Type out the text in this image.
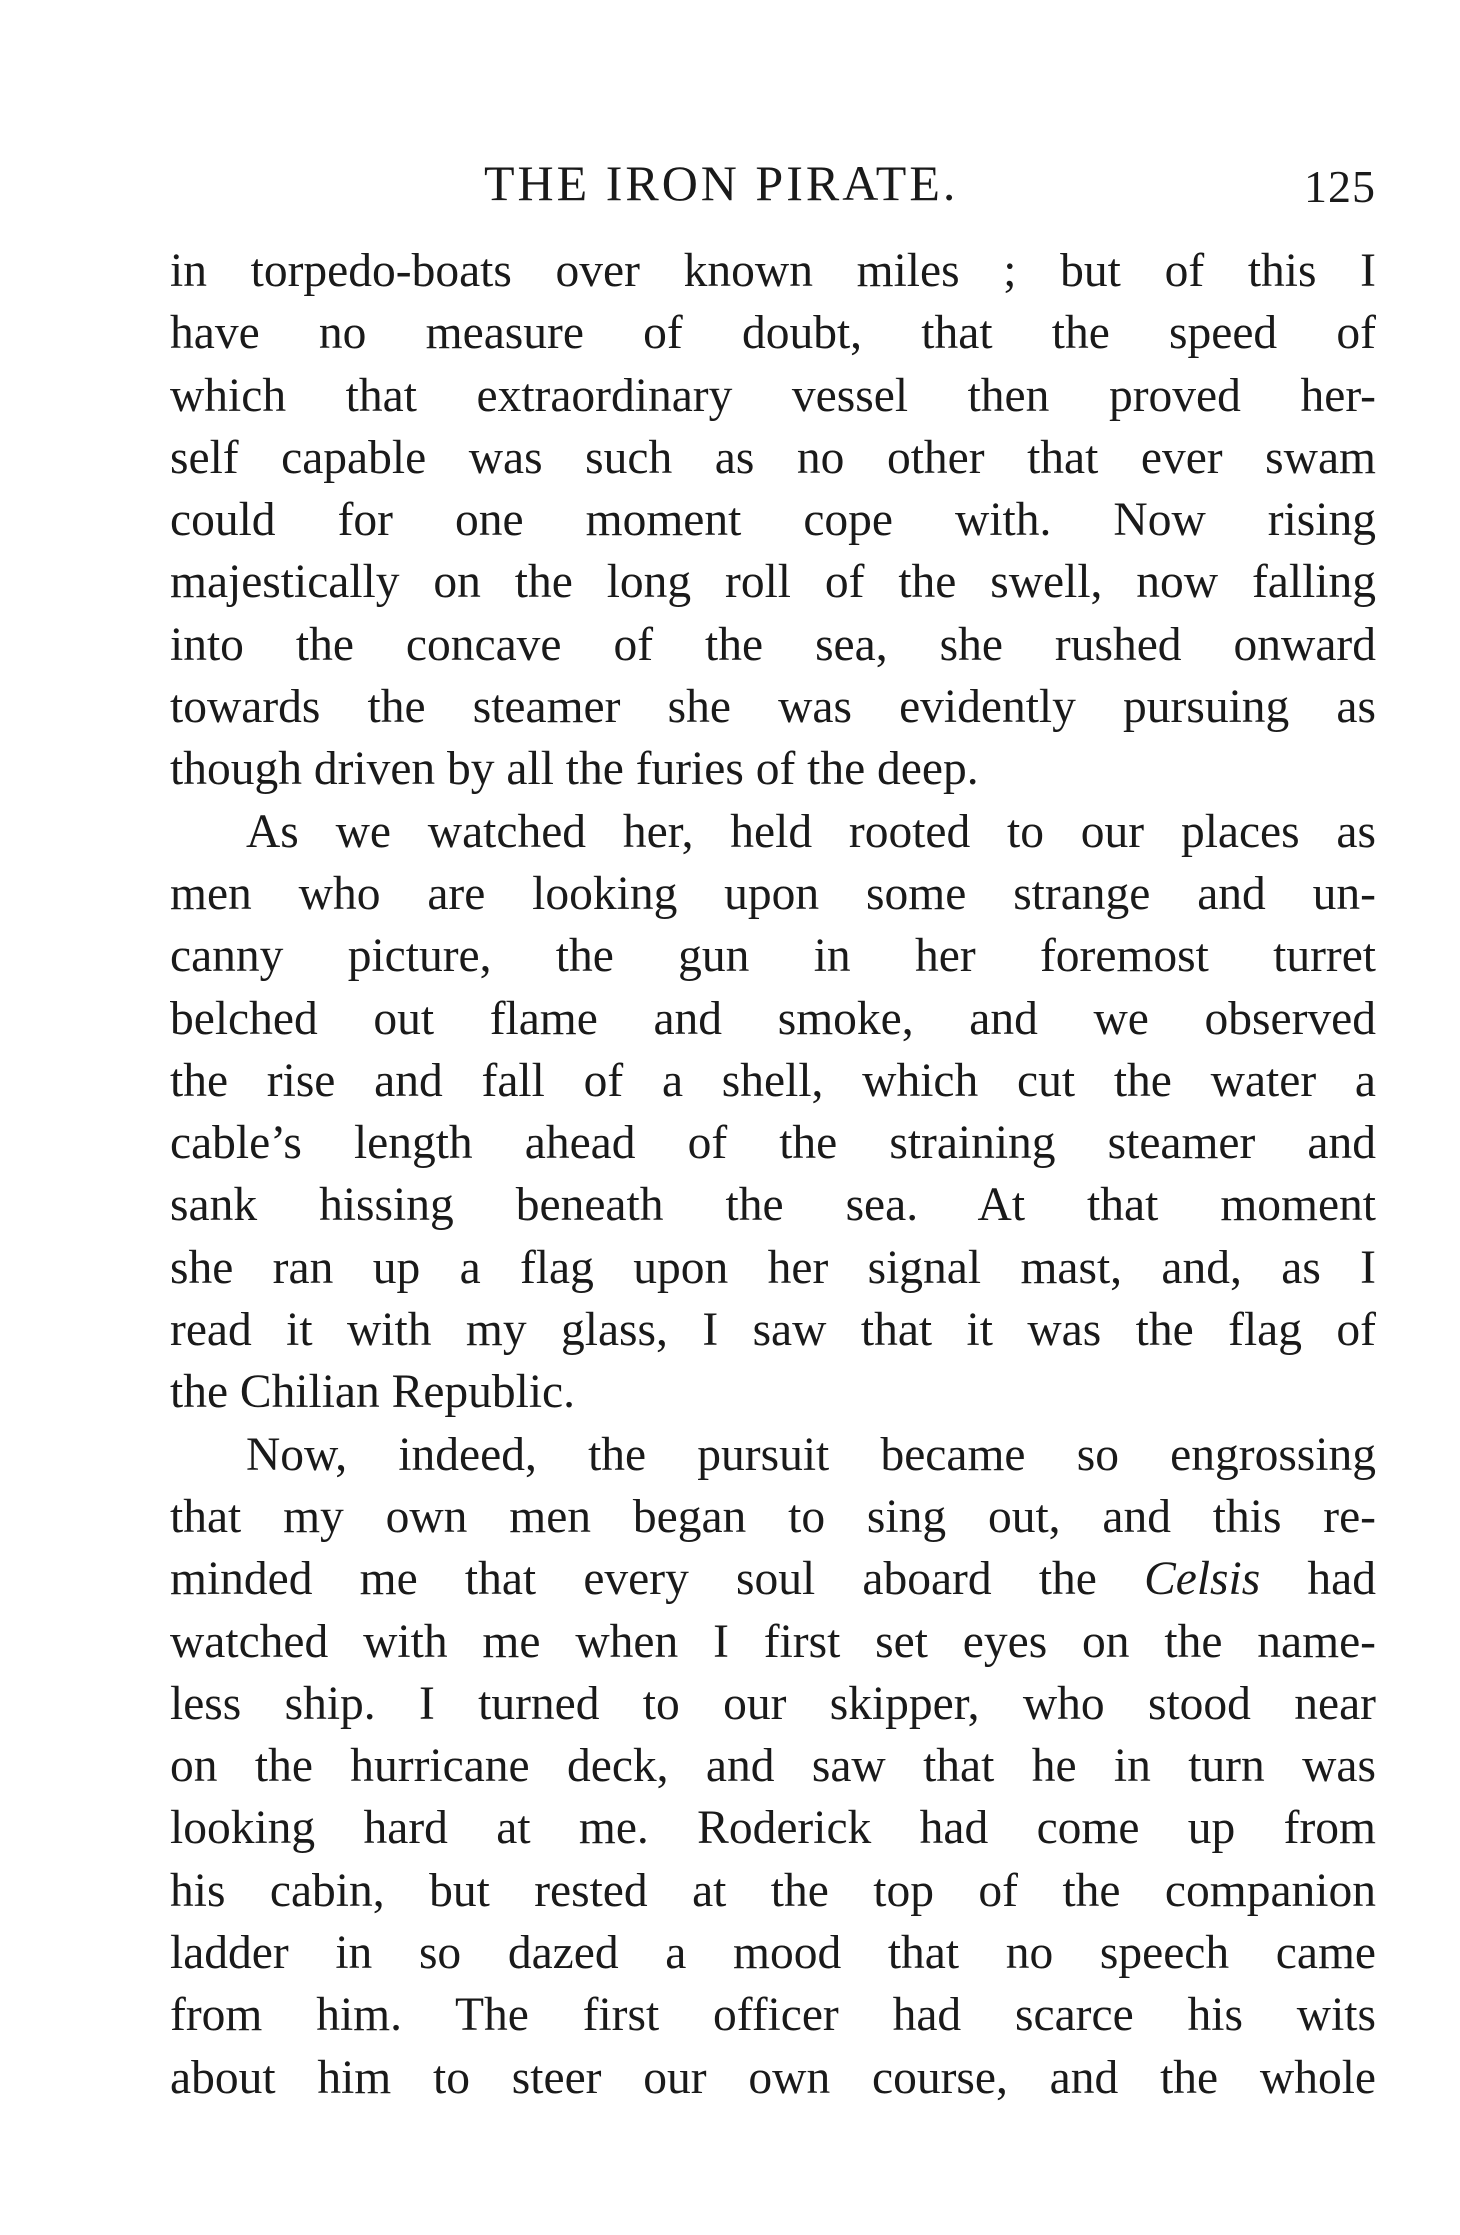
THE IRON PIRATE.	125
in torpedo-boats over known miles ; but of this I
have no measure of doubt, that the speed of
which that extraordinary vessel then proved her-
self capable was such as no other that ever swam
could for one moment cope with. Now rising
majestically on the long roll of the swell, now falling
into the concave of the sea, she rushed onward
towards the steamer she was evidently pursuing as
though driven by all the furies of the deep.
As we watched her, held rooted to our places as
men who are looking upon some strange and un-
canny picture, the gun in her foremost turret
belched out flame and smoke, and we observed
the rise and fall of a shell, which cut the water a
cable’s length ahead of the straining steamer and
sank hissing beneath the sea. At that moment
she ran up a flag upon her signal mast, and, as I
read it with my glass, I saw that it was the flag of
the Chilian Republic.
Now, indeed, the pursuit became so engrossing
that my own men began to sing out, and this re-
minded me that every soul aboard the Celsis had
watched with me when I first set eyes on the name-
less ship. I turned to our skipper, who stood near
on the hurricane deck, and saw that he in turn was
looking hard at me. Roderick had come up from
his cabin, but rested at the top of the companion
ladder in so dazed a mood that no speech came
from him. The first officer had scarce his wits
about him to steer our own course, and the whole
